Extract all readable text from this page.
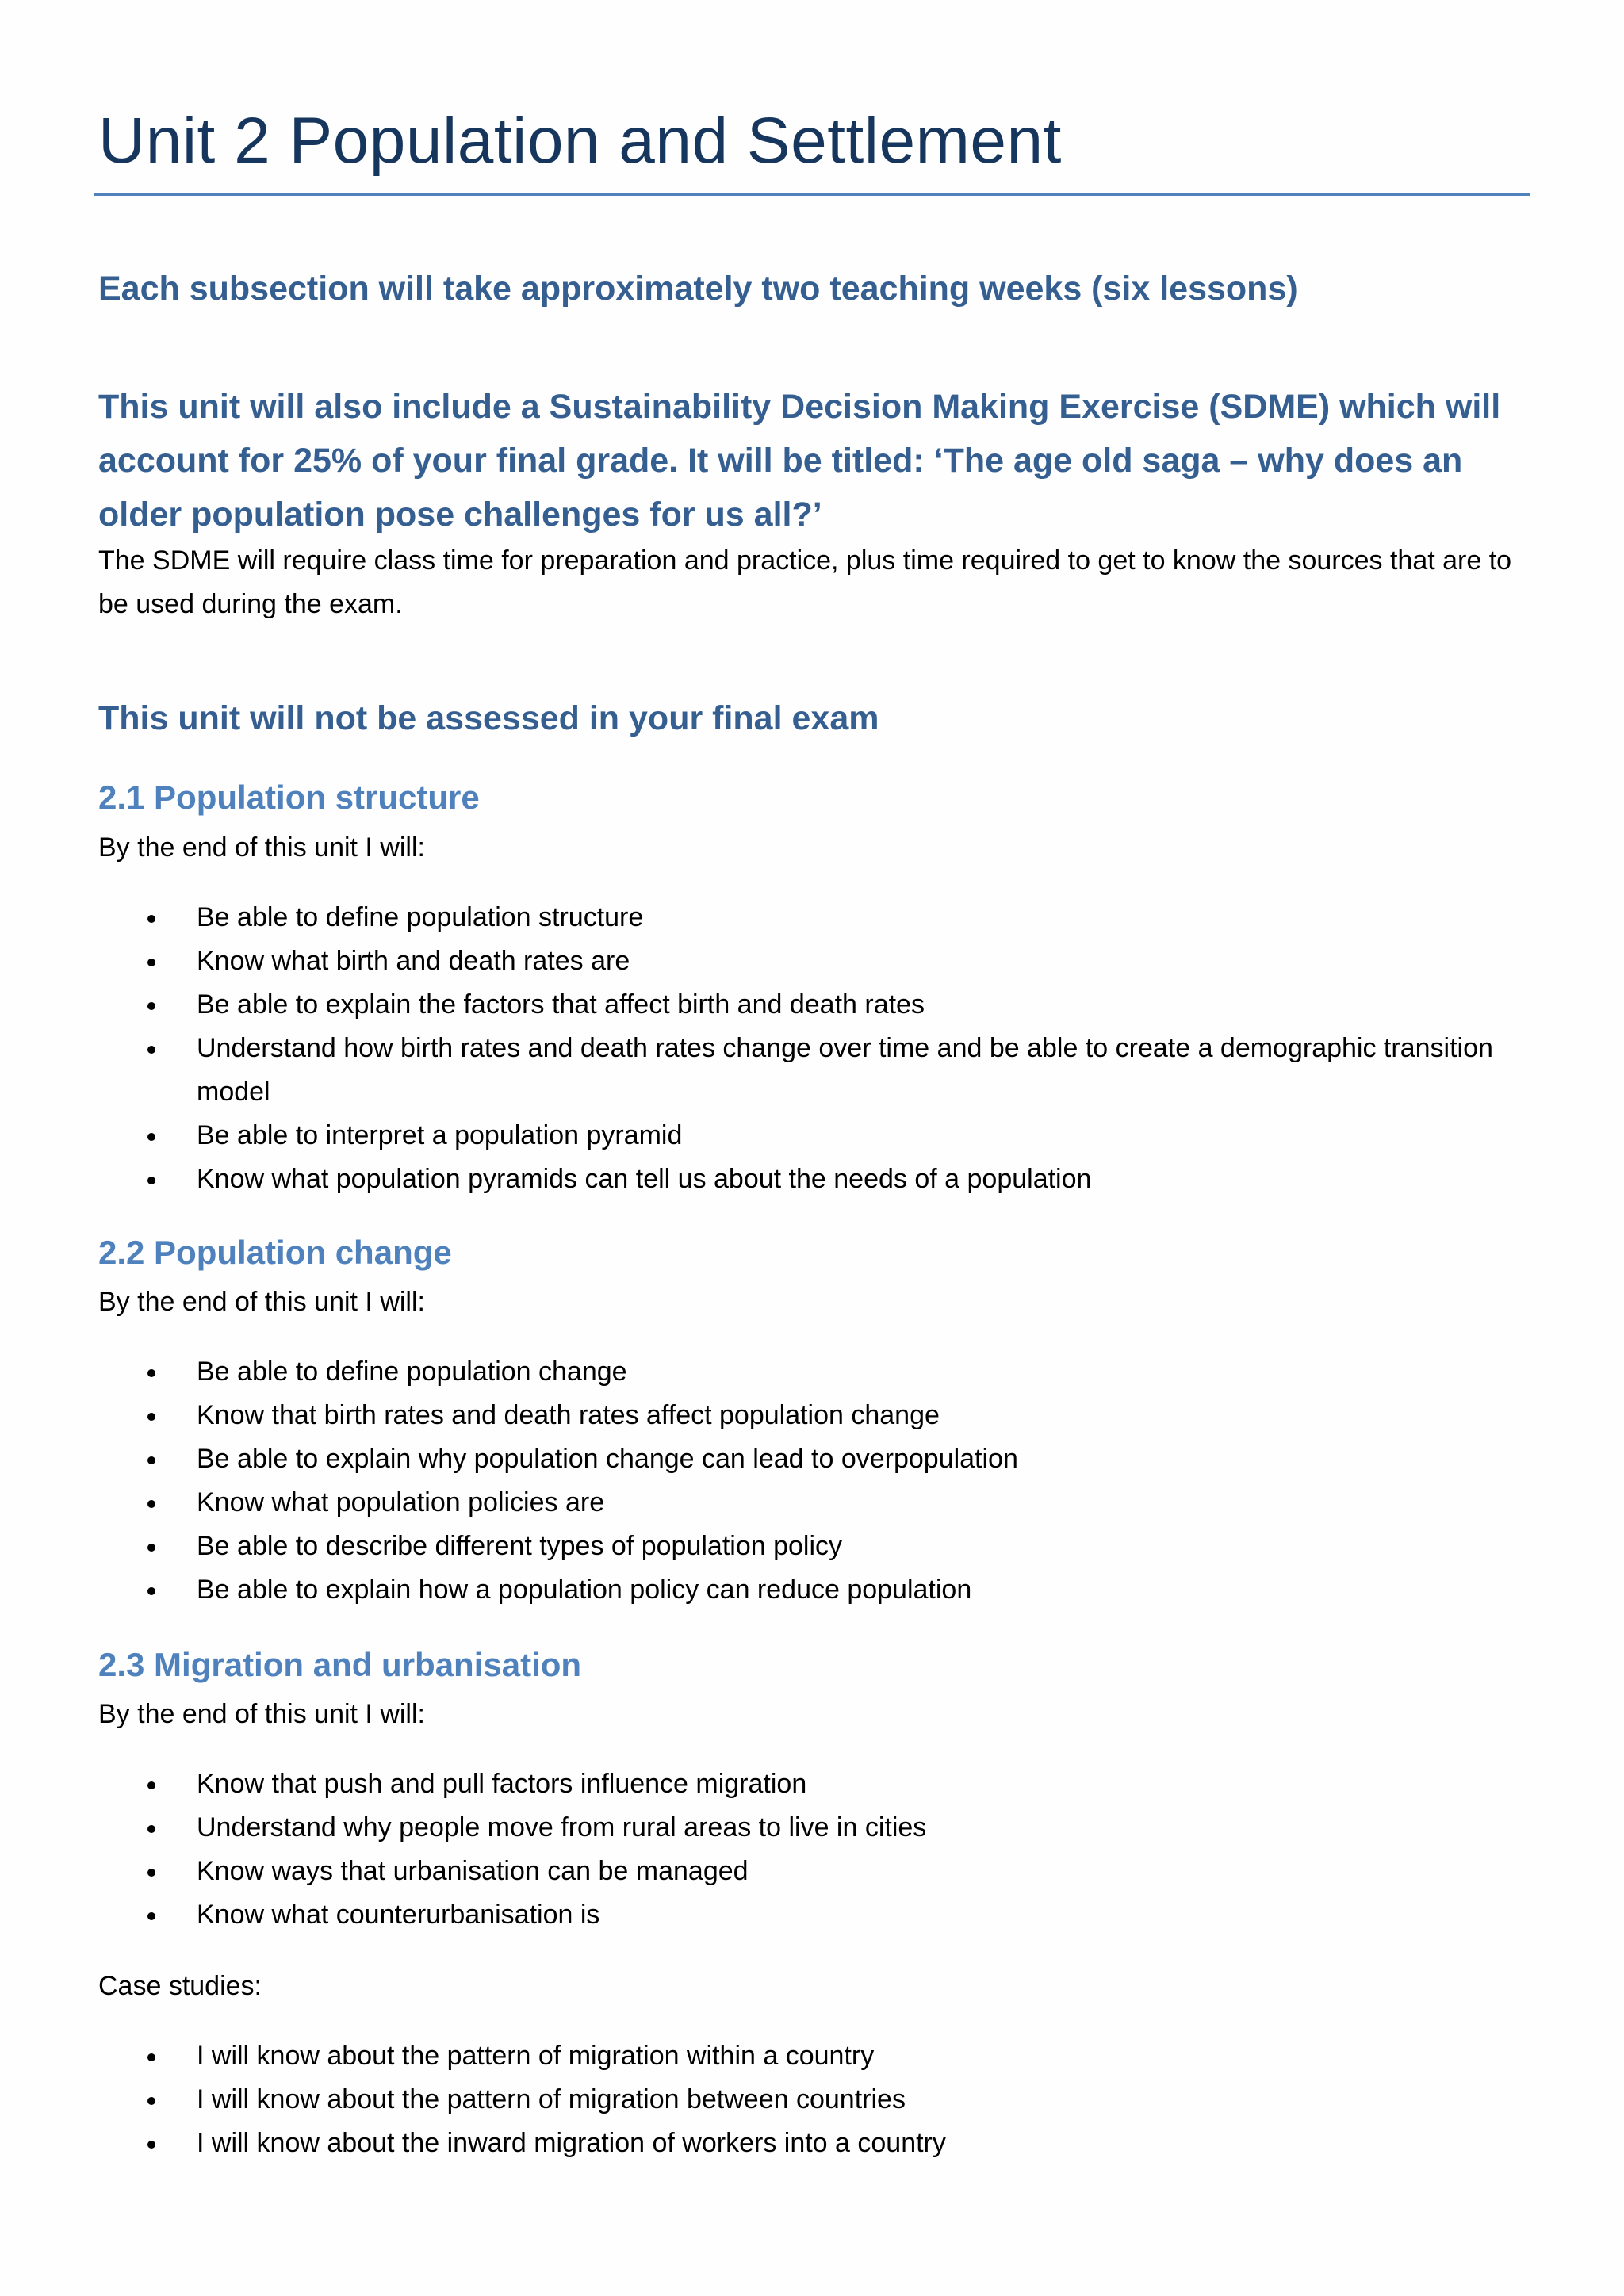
Unit 2 Population and Settlement
Each subsection will take approximately two teaching weeks (six lessons)
This unit will also include a Sustainability Decision Making Exercise (SDME) which will account for 25% of your final grade. It will be titled: ‘The age old saga – why does an older population pose challenges for us all?’

The SDME will require class time for preparation and practice, plus time required to get to know the sources that are to be used during the exam.

This unit will not be assessed in your final exam
2.1 Population structure

By the end of this unit I will:

Be able to define population structure
Know what birth and death rates are
Be able to explain the factors that affect birth and death rates
Understand how birth rates and death rates change over time and be able to create a demographic transition model
Be able to interpret a population pyramid
Know what population pyramids can tell us about the needs of a population
2.2 Population change

By the end of this unit I will:

Be able to define population change
Know that birth rates and death rates affect population change
Be able to explain why population change can lead to overpopulation
Know what population policies are
Be able to describe different types of population policy
Be able to explain how a population policy can reduce population
2.3 Migration and urbanisation

By the end of this unit I will:

Know that push and pull factors influence migration
Understand why people move from rural areas to live in cities
Know ways that urbanisation can be managed
Know what counterurbanisation is

Case studies:

I will know about the pattern of migration within a country
I will know about the pattern of migration between countries
I will know about the inward migration of workers into a country
